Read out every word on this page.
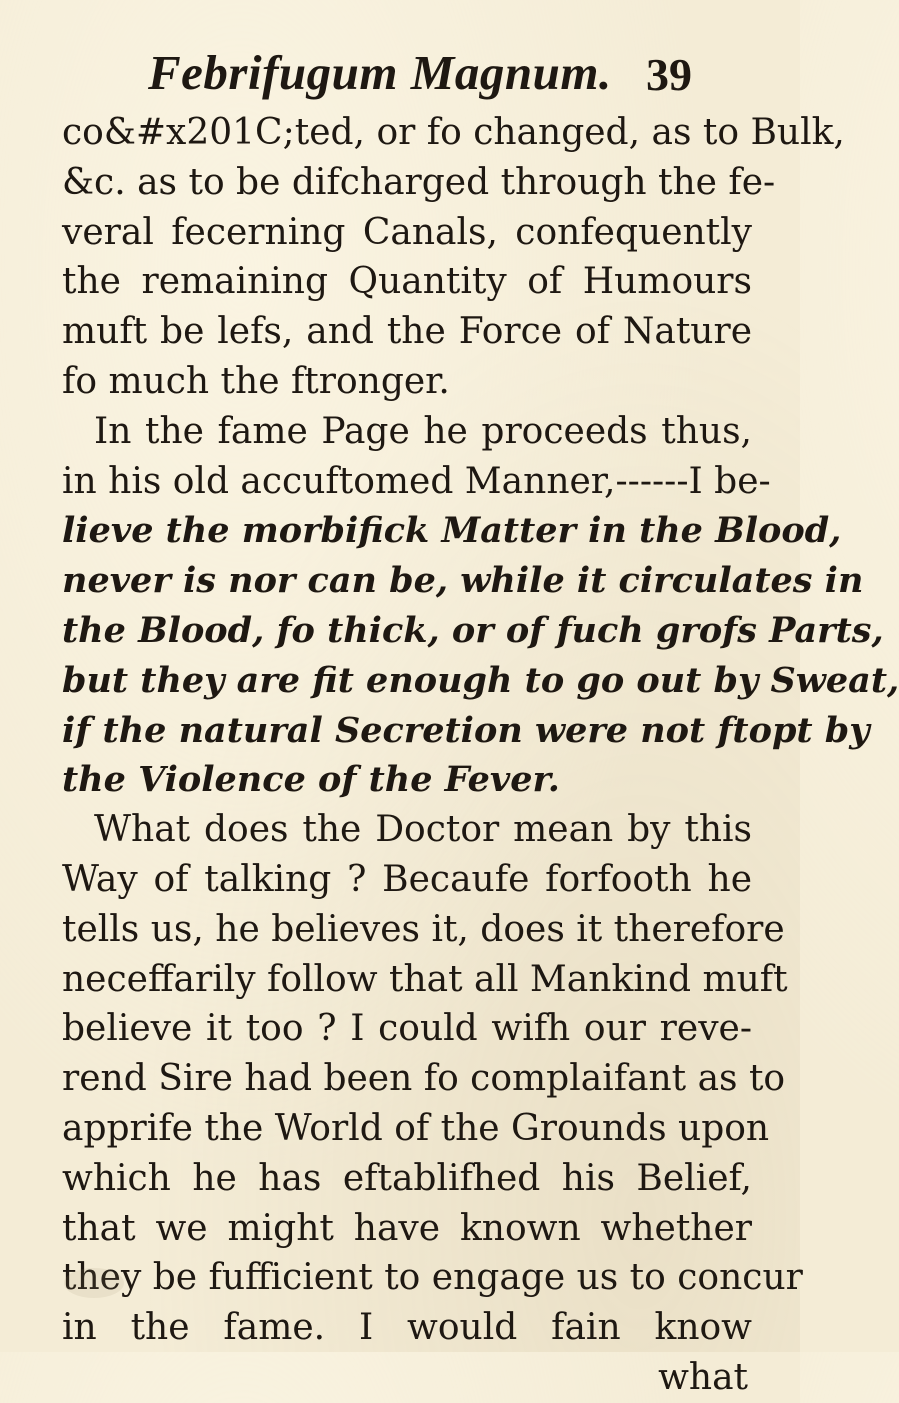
Febrifugum Magnum. 39
co&#x201C;ted, or fo changed, as to Bulk,
&c. as to be difcharged through the fe-
veral fecerning Canals, confequently
the remaining Quantity of Humours
muft be lefs, and the Force of Nature
fo much the ftronger.
In the fame Page he proceeds thus,
in his old accuftomed Manner,------I be-
lieve the morbifick Matter in the Blood,
never is nor can be, while it circulates in
the Blood, fo thick, or of fuch grofs Parts,
but they are fit enough to go out by Sweat,
if the natural Secretion were not ftopt by
the Violence of the Fever.
What does the Doctor mean by this
Way of talking ? Becaufe forfooth he
tells us, he believes it, does it therefore
neceffarily follow that all Mankind muft
believe it too ? I could wifh our reve-
rend Sire had been fo complaifant as to
apprife the World of the Grounds upon
which he has eftablifhed his Belief,
that we might have known whether
they be fufficient to engage us to concur
in the fame. I would fain know
what
